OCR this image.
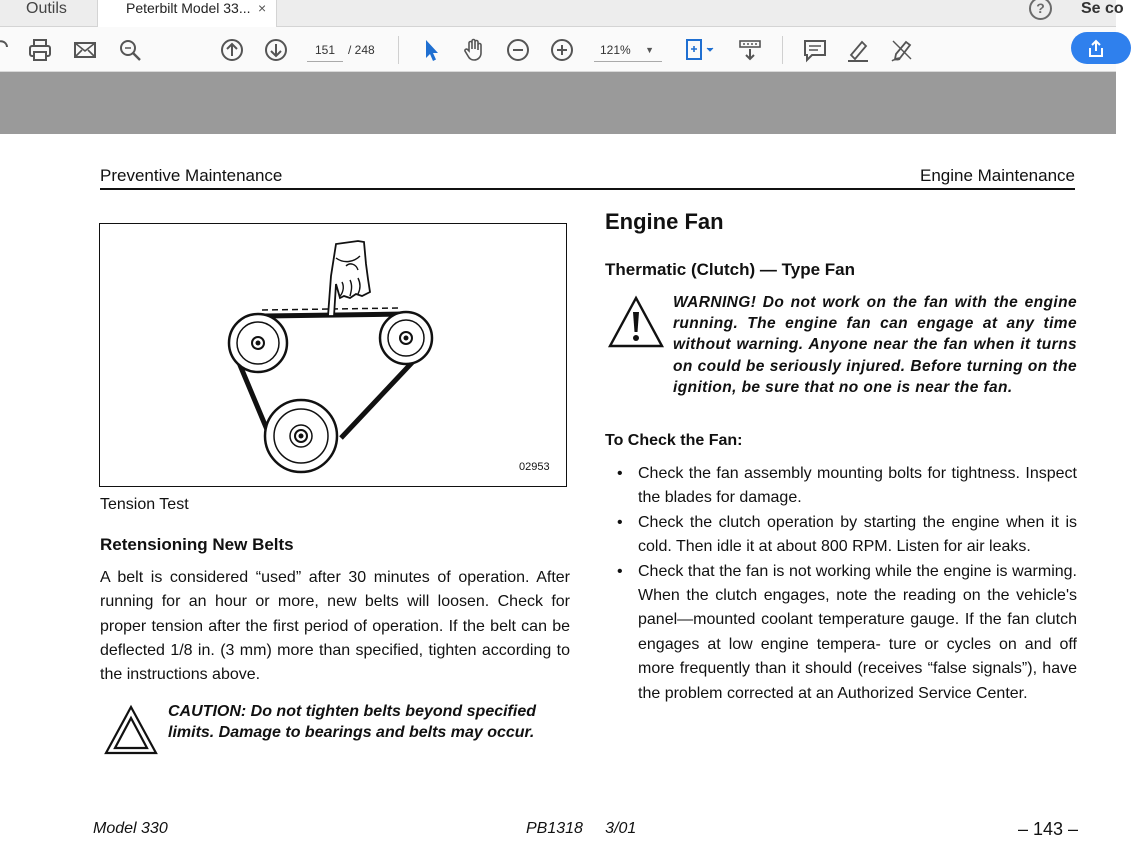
Outils	Peterbilt Model 33... ×	?	Se co
151	/ 248	121% ▼
Preventive Maintenance	Engine Maintenance
02953
Tension Test
Retensioning New Belts

A belt is considered “used” after 30 minutes of operation. After running for an hour or more, new belts will loosen. Check for proper tension after the first period of operation. If the belt can be deflected 1/8 in. (3 mm) more than specified, tighten according to the instructions above.

CAUTION: Do not tighten belts beyond specified limits. Damage to bearings and belts may occur.
Engine Fan
Thermatic (Clutch) — Type Fan
WARNING! Do not work on the fan with the engine running. The engine fan can engage at any time without warning. Anyone near the fan when it turns on could be seriously injured. Before turning on the ignition, be sure that no one is near the fan.
To Check the Fan:
• Check the fan assembly mounting bolts for tightness. Inspect the blades for damage.
• Check the clutch operation by starting the engine when it is cold. Then idle it at about 800 RPM. Listen for air leaks.
• Check that the fan is not working while the engine is warming. When the clutch engages, note the reading on the vehicle's panel—mounted coolant temperature gauge. If the fan clutch engages at low engine tempera- ture or cycles on and off more frequently than it should (receives “false signals”), have the problem corrected at an Authorized Service Center.
Model 330	PB1318     3/01	– 143 –
